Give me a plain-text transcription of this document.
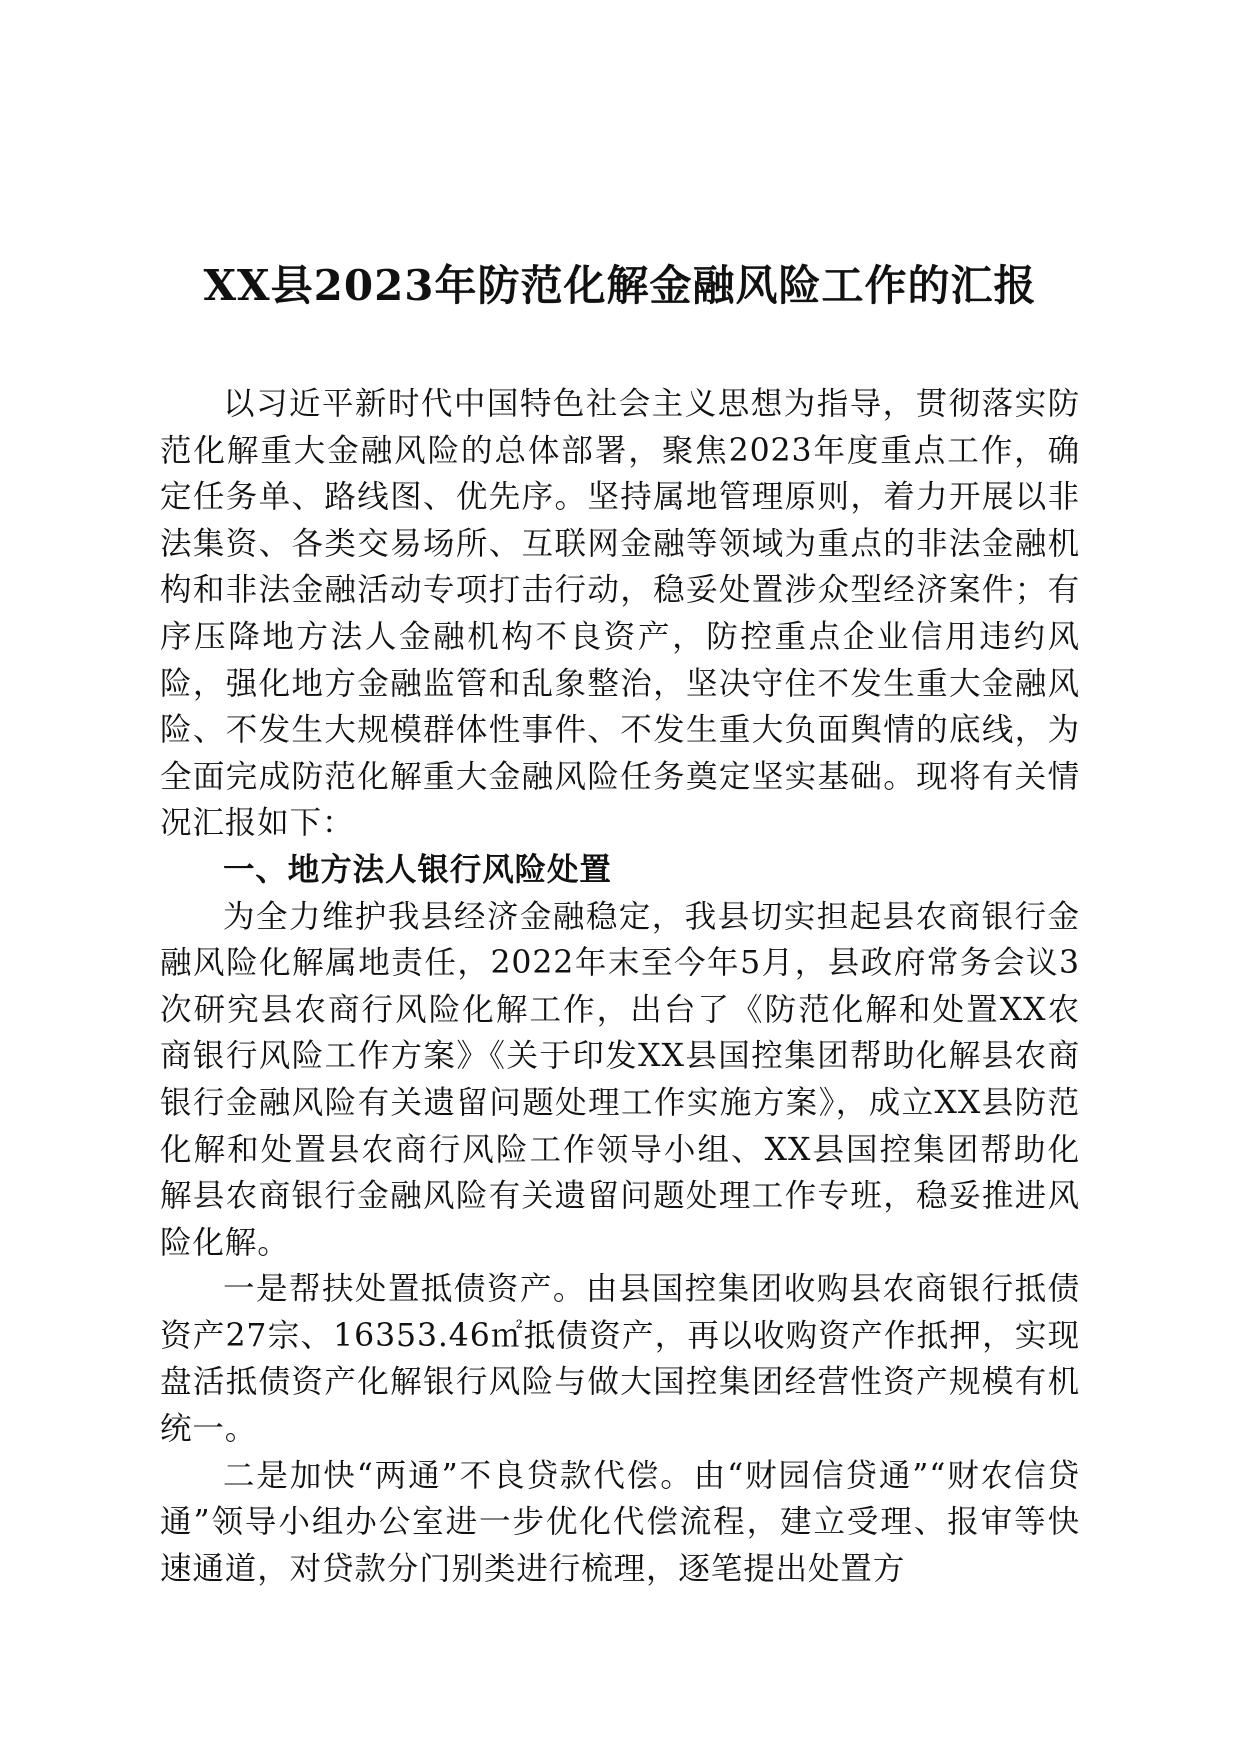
XX县2023年防范化解金融风险工作的汇报

以习近平新时代中国特色社会主义思想为指导，贯彻落实防范化解重大金融风险的总体部署，聚焦2023年度重点工作，确定任务单、路线图、优先序。坚持属地管理原则，着力开展以非法集资、各类交易场所、互联网金融等领域为重点的非法金融机构和非法金融活动专项打击行动，稳妥处置涉众型经济案件；有序压降地方法人金融机构不良资产，防控重点企业信用违约风险，强化地方金融监管和乱象整治，坚决守住不发生重大金融风险、不发生大规模群体性事件、不发生重大负面舆情的底线，为全面完成防范化解重大金融风险任务奠定坚实基础。现将有关情况汇报如下：

一、地方法人银行风险处置

为全力维护我县经济金融稳定，我县切实担起县农商银行金融风险化解属地责任，2022年末至今年5月，县政府常务会议3次研究县农商行风险化解工作，出台了《防范化解和处置XX农商银行风险工作方案》《关于印发XX县国控集团帮助化解县农商银行金融风险有关遗留问题处理工作实施方案》，成立XX县防范化解和处置县农商行风险工作领导小组、XX县国控集团帮助化解县农商银行金融风险有关遗留问题处理工作专班，稳妥推进风险化解。

一是帮扶处置抵债资产。由县国控集团收购县农商银行抵债资产27宗、16353.46㎡抵债资产，再以收购资产作抵押，实现盘活抵债资产化解银行风险与做大国控集团经营性资产规模有机统一。

二是加快“两通”不良贷款代偿。由“财园信贷通”“财农信贷通”领导小组办公室进一步优化代偿流程，建立受理、报审等快速通道，对贷款分门别类进行梳理，逐笔提出处置方
